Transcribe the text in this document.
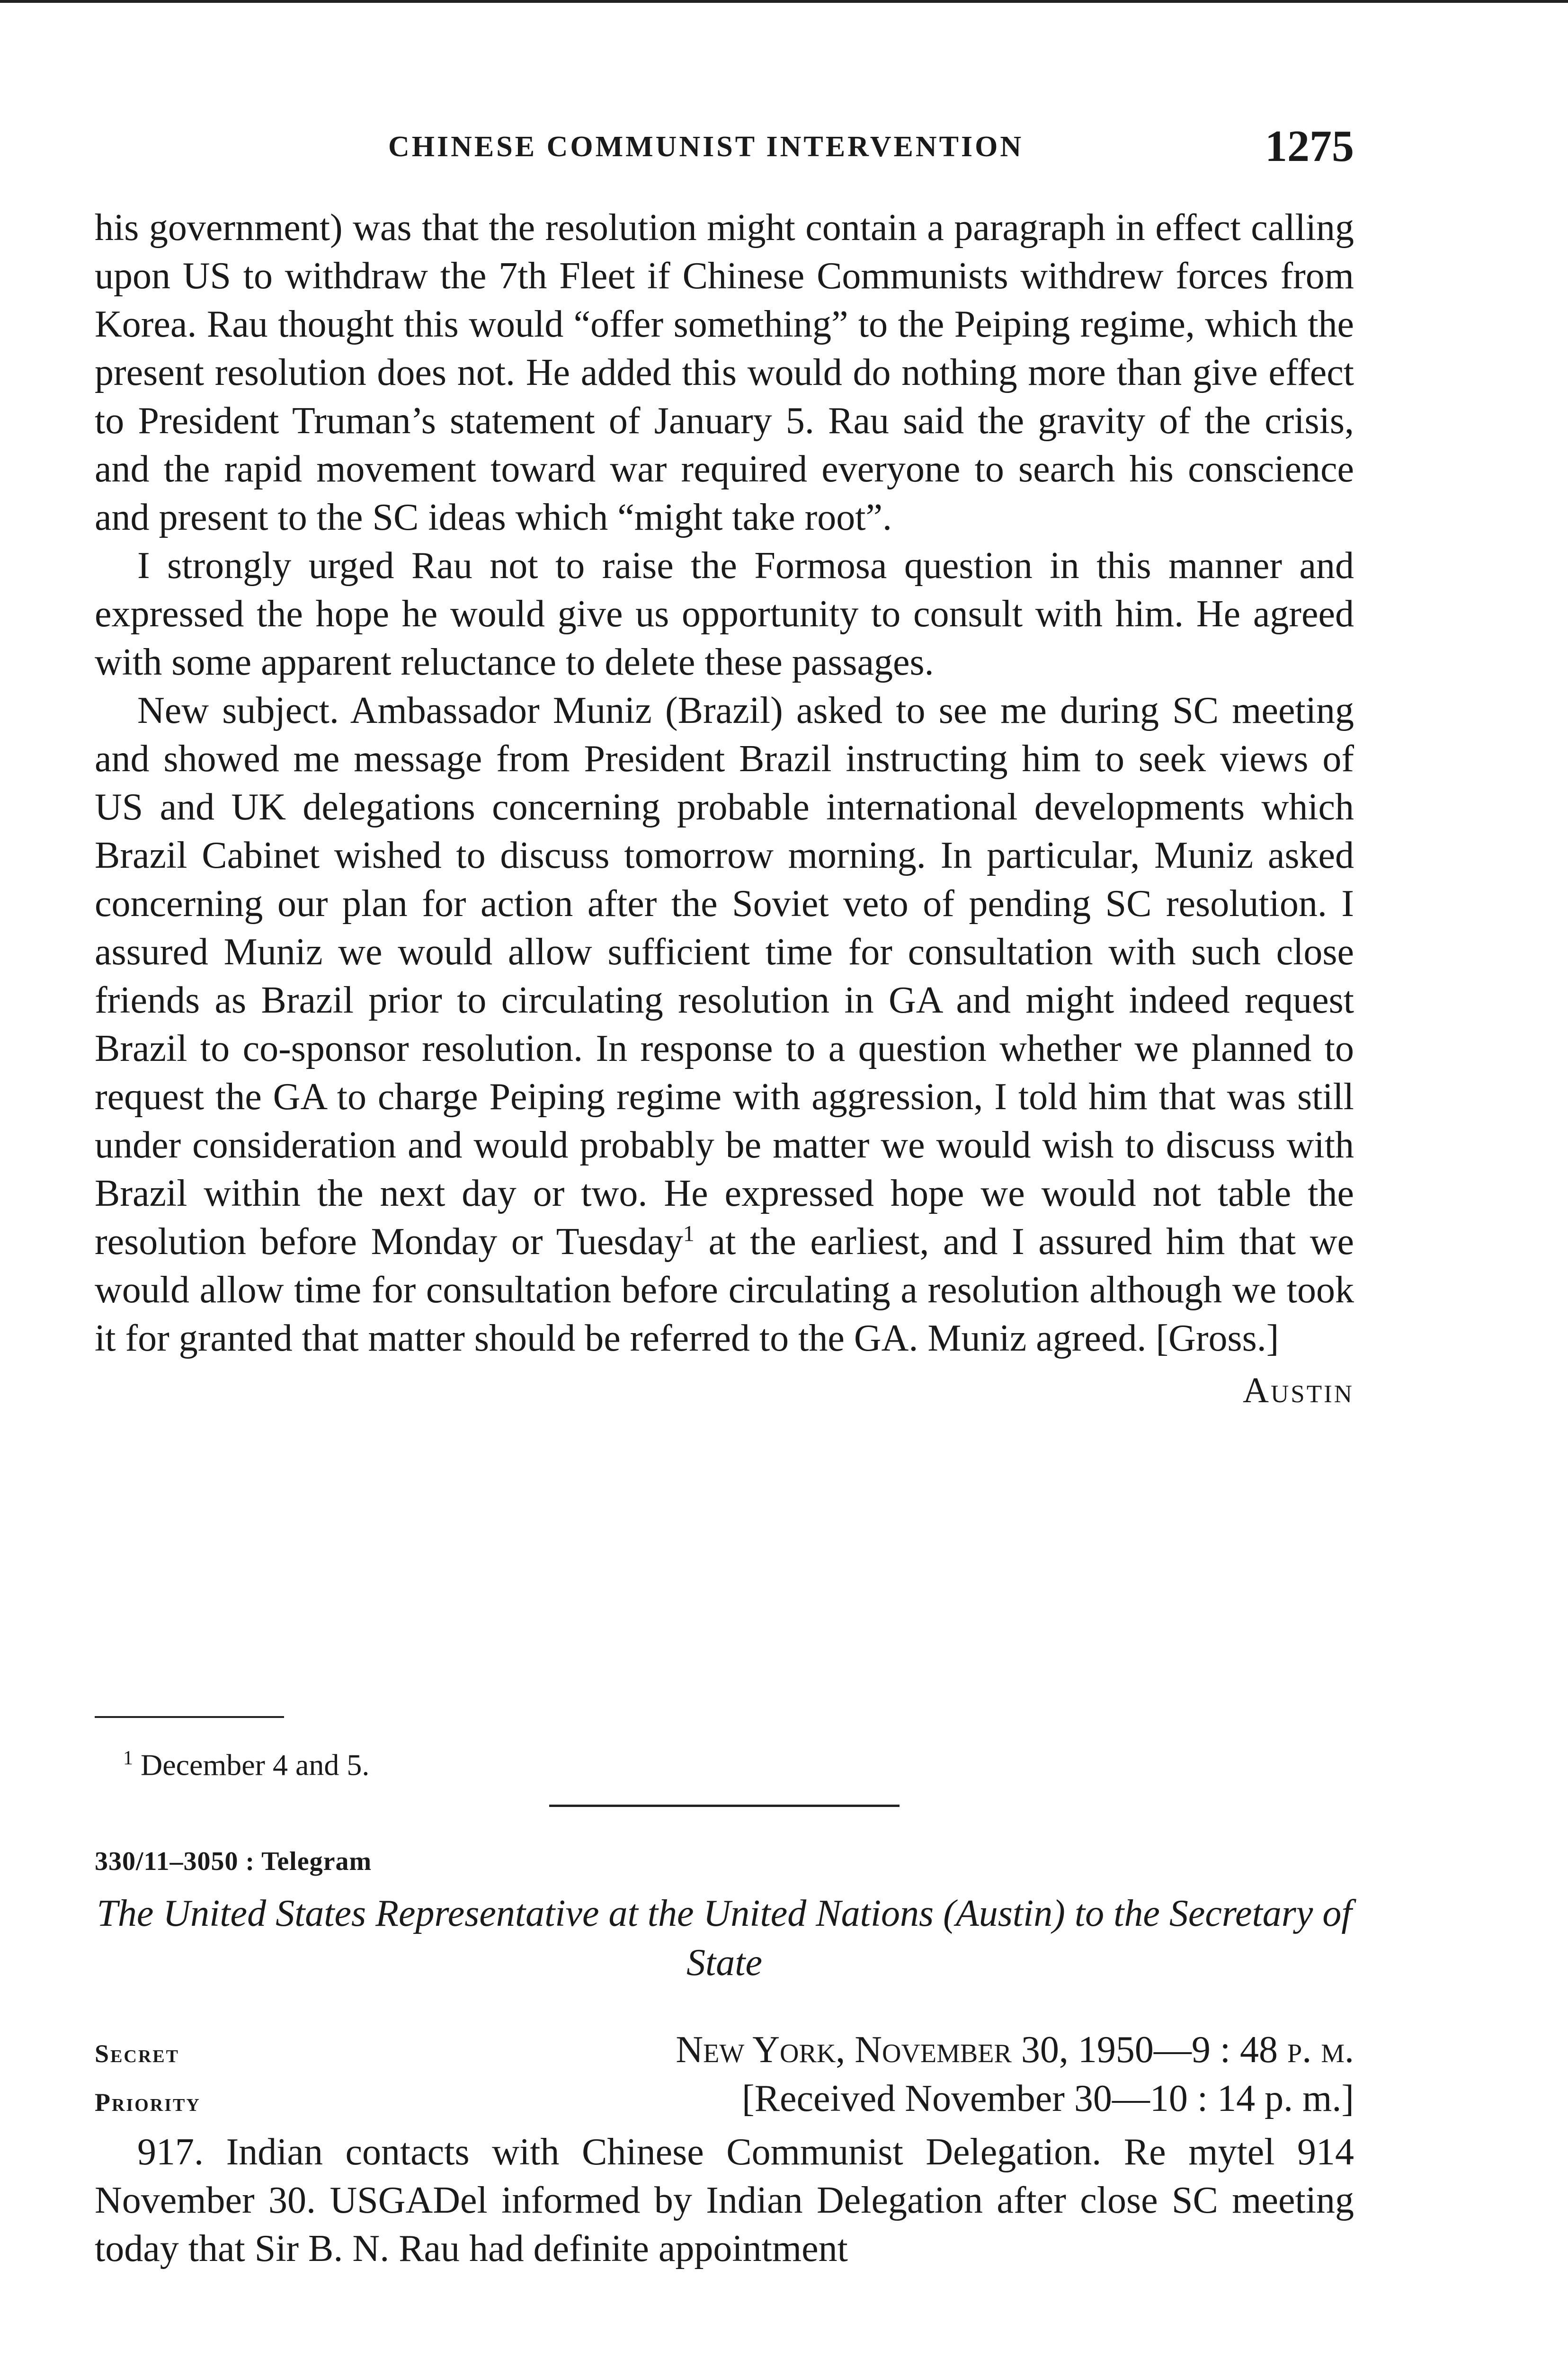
CHINESE COMMUNIST INTERVENTION	1275

his government) was that the resolution might contain a paragraph in effect calling upon US to withdraw the 7th Fleet if Chinese Communists withdrew forces from Korea. Rau thought this would “offer something” to the Peiping regime, which the present resolution does not. He added this would do nothing more than give effect to President Truman’s statement of January 5. Rau said the gravity of the crisis, and the rapid movement toward war required everyone to search his conscience and present to the SC ideas which “might take root”.

I strongly urged Rau not to raise the Formosa question in this manner and expressed the hope he would give us opportunity to consult with him. He agreed with some apparent reluctance to delete these passages.

New subject. Ambassador Muniz (Brazil) asked to see me during SC meeting and showed me message from President Brazil instructing him to seek views of US and UK delegations concerning probable international developments which Brazil Cabinet wished to discuss tomorrow morning. In particular, Muniz asked concerning our plan for action after the Soviet veto of pending SC resolution. I assured Muniz we would allow sufficient time for consultation with such close friends as Brazil prior to circulating resolution in GA and might indeed request Brazil to co-sponsor resolution. In response to a question whether we planned to request the GA to charge Peiping regime with aggression, I told him that was still under consideration and would probably be matter we would wish to discuss with Brazil within the next day or two. He expressed hope we would not table the resolution before Monday or Tuesday$^1$ at the earliest, and I assured him that we would allow time for consultation before circulating a resolution although we took it for granted that matter should be referred to the GA. Muniz agreed. [Gross.]

Austin
$^1$ December 4 and 5.
330/11–3050 : Telegram
The United States Representative at the United Nations (Austin) to the Secretary of State
Secret	New York, November 30, 1950—9 : 48 p. m.
Priority	[Received November 30—10 : 14 p. m.]

917. Indian contacts with Chinese Communist Delegation. Re mytel 914 November 30. USGADel informed by Indian Delegation after close SC meeting today that Sir B. N. Rau had definite appointment
